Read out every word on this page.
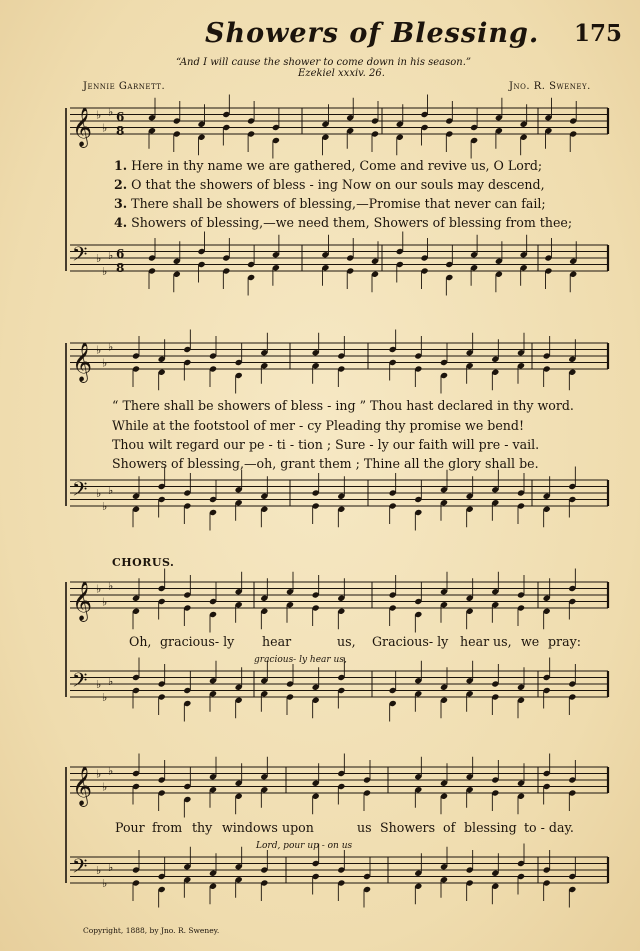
𝄞 ♭
♭
♭ 6
8
𝄢 ♭
♭
♭ 6
8
𝄞 ♭
♭
♭
𝄢 ♭
♭
♭
𝄞 ♭
♭
♭
𝄢 ♭
♭
♭
𝄞 ♭
♭
♭
𝄢 ♭
♭
♭
Showers of Blessing. 175
“And I will cause the shower to come down in his season.”
Ezekiel xxxiv. 26.
Jennie Garnett.	Jno. R. Sweney.
1. Here in thy name we are gathered, Come and revive us, O Lord;
2. O that the showers of bless - ing Now on our souls may descend,
3. There shall be showers of blessing,—Promise that never can fail;
4. Showers of blessing,—we need them, Showers of blessing from thee;
“ There shall be showers of bless - ing ” Thou hast declared in thy word.
While at the footstool of mer - cy Pleading thy promise we bend!
Thou wilt regard our pe - ti - tion ; Sure - ly our faith will pre - vail.
Showers of blessing,—oh, grant them ; Thine all the glory shall be.
CHORUS.
Oh, gracious- ly hear	us, Gracious- ly hear us, we pray:
gracious- ly hear us,
Pour from thy windows upon	us Showers of blessing to - day.
Lord, pour up - on us
Copyright, 1888, by Jno. R. Sweney.
